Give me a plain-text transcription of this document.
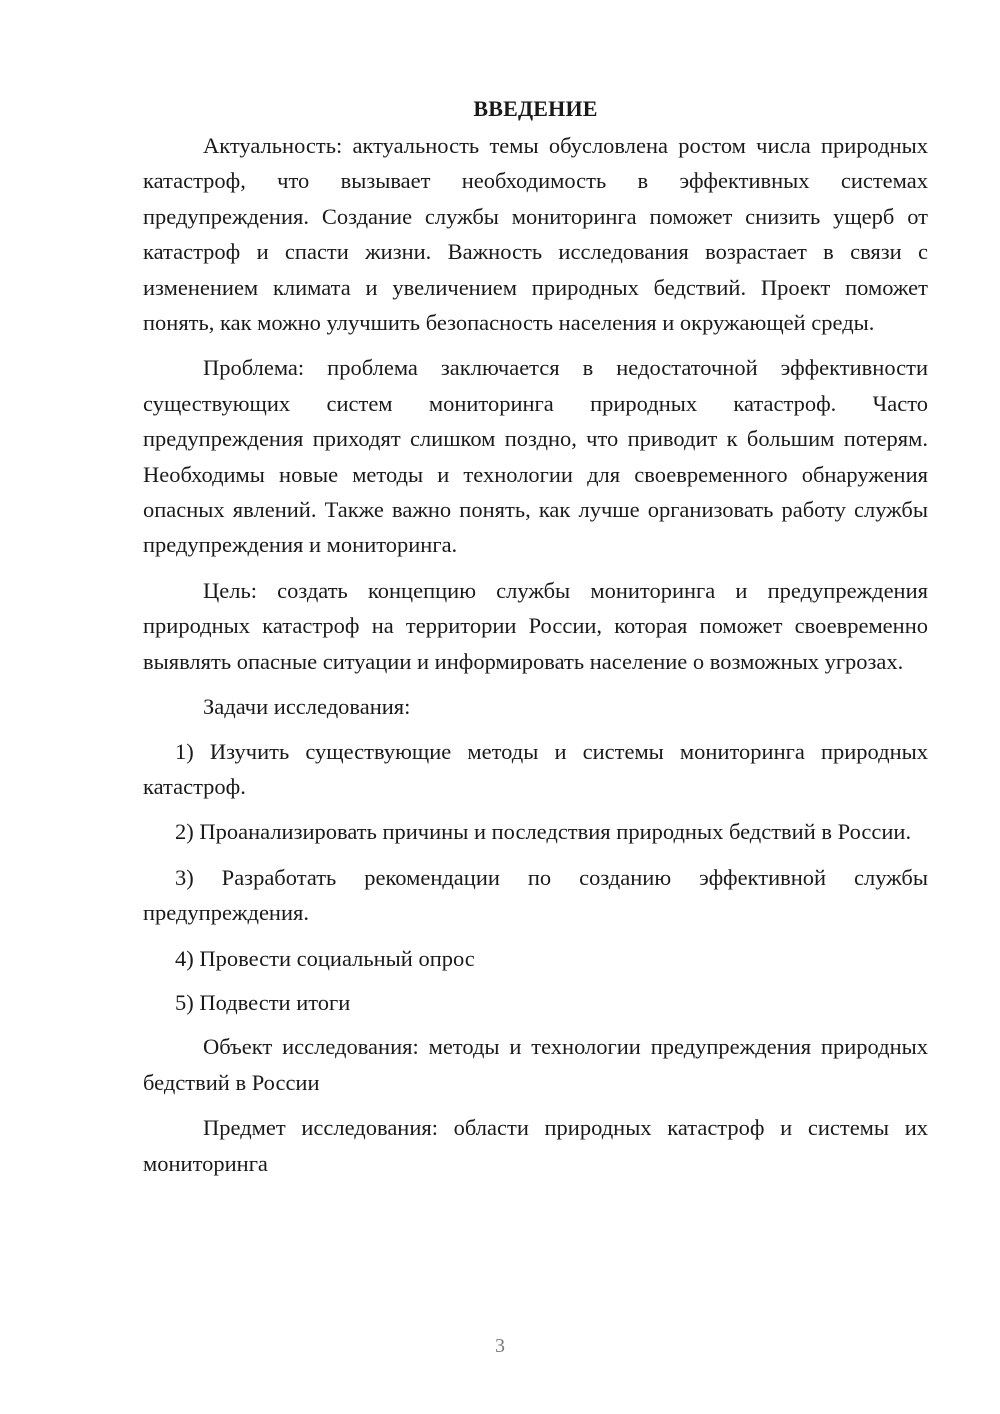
ВВЕДЕНИЕ

Актуальность: актуальность темы обусловлена ростом числа природных катастроф, что вызывает необходимость в эффективных системах предупреждения. Создание службы мониторинга поможет снизить ущерб от катастроф и спасти жизни. Важность исследования возрастает в связи с изменением климата и увеличением природных бедствий. Проект поможет понять, как можно улучшить безопасность населения и окружающей среды.

Проблема: проблема заключается в недостаточной эффективности существующих систем мониторинга природных катастроф. Часто предупреждения приходят слишком поздно, что приводит к большим потерям. Необходимы новые методы и технологии для своевременного обнаружения опасных явлений. Также важно понять, как лучше организовать работу службы предупреждения и мониторинга.

Цель: создать концепцию службы мониторинга и предупреждения природных катастроф на территории России, которая поможет своевременно выявлять опасные ситуации и информировать население о возможных угрозах.

Задачи исследования:

1) Изучить существующие методы и системы мониторинга природных катастроф.

2) Проанализировать причины и последствия природных бедствий в России.

3) Разработать рекомендации по созданию эффективной службы предупреждения.

4) Провести социальный опрос

5) Подвести итоги

Объект исследования: методы и технологии предупреждения природных бедствий в России

Предмет исследования: области природных катастроф и системы их мониторинга

3
